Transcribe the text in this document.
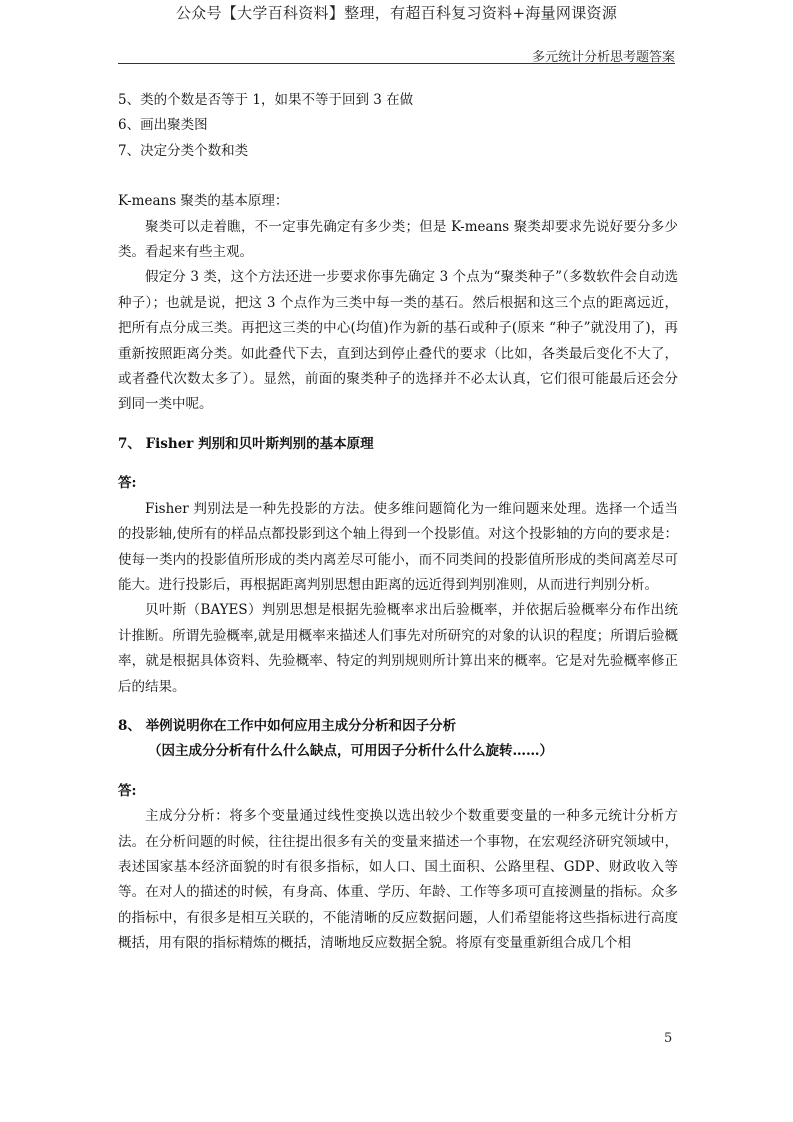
公众号【大学百科资料】整理，有超百科复习资料+海量网课资源
多元统计分析思考题答案

5、类的个数是否等于 1，如果不等于回到 3 在做

6、画出聚类图

7、决定分类个数和类

K-means 聚类的基本原理：

聚类可以走着瞧，不一定事先确定有多少类；但是 K-means 聚类却要求先说好要分多少类。看起来有些主观。

假定分 3 类，这个方法还进一步要求你事先确定 3 个点为“聚类种子”（多数软件会自动选种子）；也就是说，把这 3 个点作为三类中每一类的基石。然后根据和这三个点的距离远近，把所有点分成三类。再把这三类的中心(均值)作为新的基石或种子(原来 “种子”就没用了)，再重新按照距离分类。如此叠代下去，直到达到停止叠代的要求（比如，各类最后变化不大了，或者叠代次数太多了）。显然，前面的聚类种子的选择并不必太认真，它们很可能最后还会分到同一类中呢。

7、 Fisher 判别和贝叶斯判别的基本原理

答:

Fisher 判别法是一种先投影的方法。使多维问题简化为一维问题来处理。选择一个适当的投影轴,使所有的样品点都投影到这个轴上得到一个投影值。对这个投影轴的方向的要求是：使每一类内的投影值所形成的类内离差尽可能小，而不同类间的投影值所形成的类间离差尽可能大。进行投影后，再根据距离判别思想由距离的远近得到判别准则，从而进行判别分析。

贝叶斯（BAYES）判别思想是根据先验概率求出后验概率，并依据后验概率分布作出统计推断。所谓先验概率,就是用概率来描述人们事先对所研究的对象的认识的程度；所谓后验概率，就是根据具体资料、先验概率、特定的判别规则所计算出来的概率。它是对先验概率修正后的结果。

8、 举例说明你在工作中如何应用主成分分析和因子分析

（因主成分分析有什么什么缺点，可用因子分析什么什么旋转……）

答:

主成分分析：将多个变量通过线性变换以选出较少个数重要变量的一种多元统计分析方法。在分析问题的时候，往往提出很多有关的变量来描述一个事物，在宏观经济研究领域中，表述国家基本经济面貌的时有很多指标，如人口、国土面积、公路里程、GDP、财政收入等等。在对人的描述的时候，有身高、体重、学历、年龄、工作等多项可直接测量的指标。众多的指标中，有很多是相互关联的，不能清晰的反应数据问题，人们希望能将这些指标进行高度概括，用有限的指标精炼的概括，清晰地反应数据全貌。将原有变量重新组合成几个相

5
